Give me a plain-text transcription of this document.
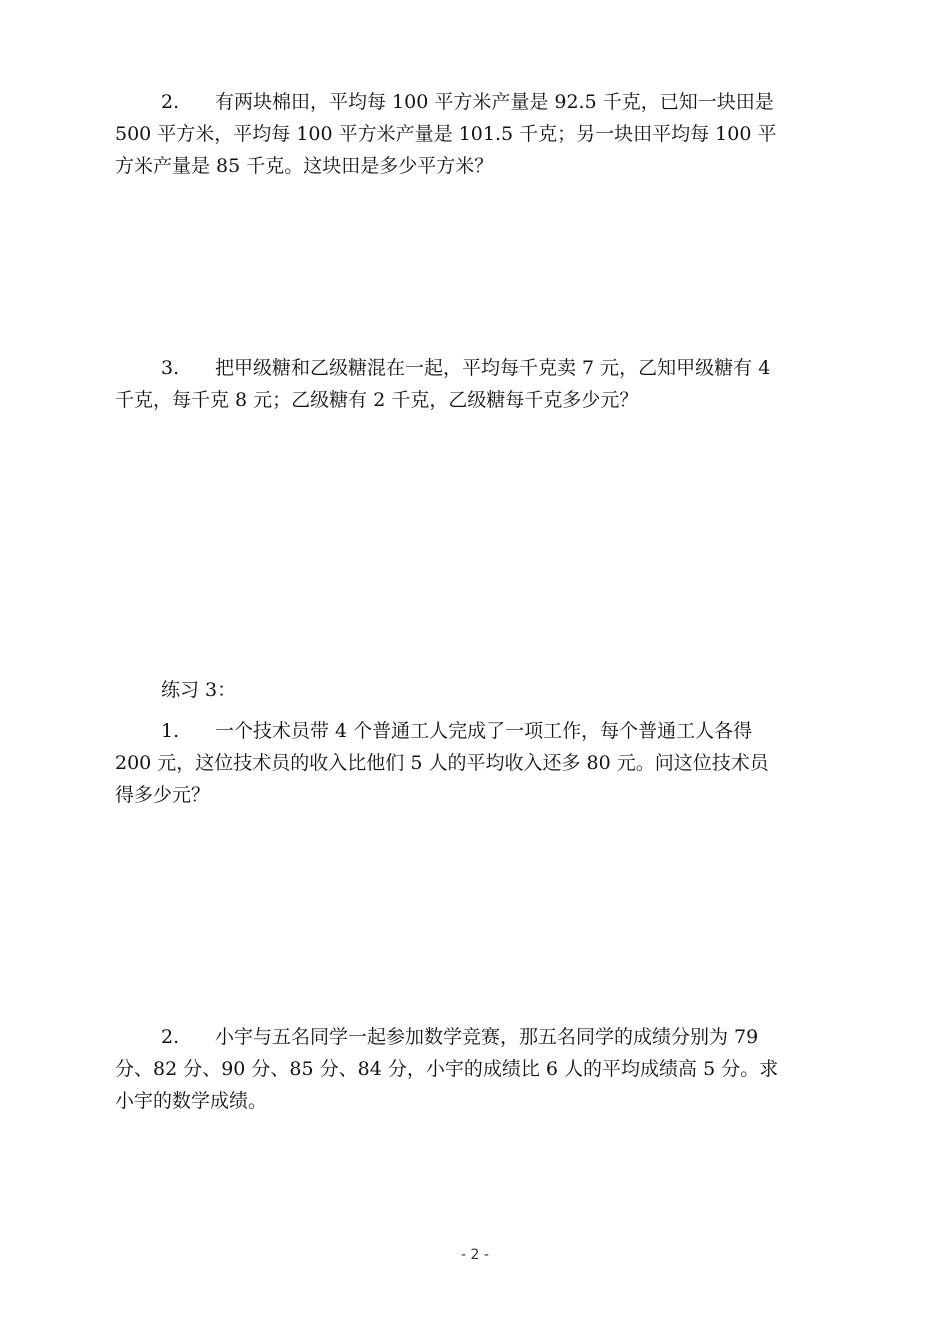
2. 有两块棉田，平均每 100 平方米产量是 92.5 千克，已知一块田是
500 平方米，平均每 100 平方米产量是 101.5 千克；另一块田平均每 100 平
方米产量是 85 千克。这块田是多少平方米？
3. 把甲级糖和乙级糖混在一起，平均每千克卖 7 元，乙知甲级糖有 4
千克，每千克 8 元；乙级糖有 2 千克，乙级糖每千克多少元？
练习 3：
1. 一个技术员带 4 个普通工人完成了一项工作，每个普通工人各得
200 元，这位技术员的收入比他们 5 人的平均收入还多 80 元。问这位技术员
得多少元？
2. 小宇与五名同学一起参加数学竞赛，那五名同学的成绩分别为 79
分、82 分、90 分、85 分、84 分，小宇的成绩比 6 人的平均成绩高 5 分。求
小宇的数学成绩。
- 2 -
